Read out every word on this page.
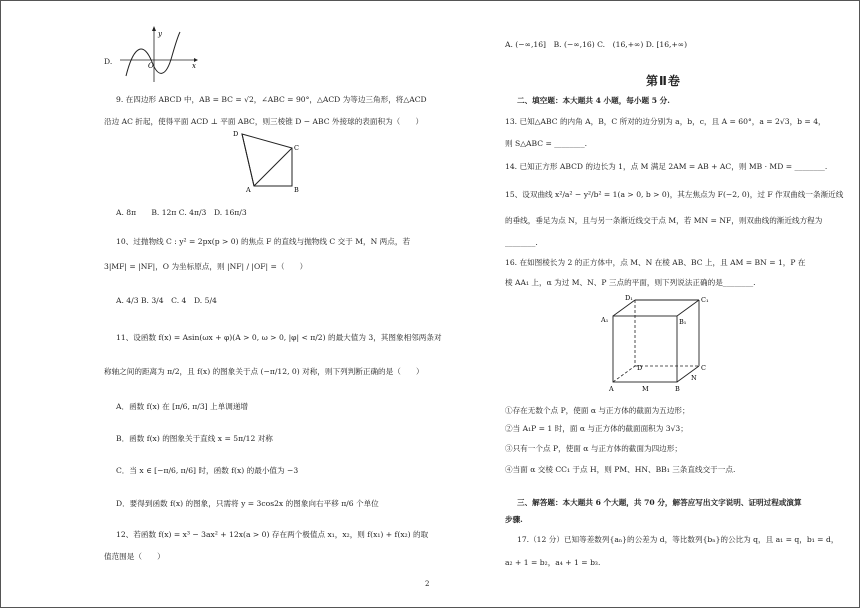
D.
y
x
O
9. 在四边形 ABCD 中，AB = BC = √2，∠ABC = 90°，△ACD 为等边三角形，将△ACD
沿边 AC 折起，使得平面 ACD ⊥ 平面 ABC，则三棱锥 D − ABC 外接球的表面积为（　　）
D
C
A	B
A. 8π　　B. 12π C. 4π/3　D. 16π/3
10、过抛物线 C : y² = 2px(p > 0) 的焦点 F 的直线与抛物线 C 交于 M，N 两点，若
3|MF| = |NF|，O 为坐标原点，则 |NF| / |OF| =（　　）
A. 4/3 B. 3/4　C. 4　D. 5/4
11、设函数 f(x) = Asin(ωx + φ)(A > 0, ω > 0, |φ| < π/2) 的最大值为 3，其图象相邻两条对
称轴之间的距离为 π/2，且 f(x) 的图象关于点 (−π/12, 0) 对称，则下列判断正确的是（　　）
A．函数 f(x) 在 [π/6, π/3] 上单调递增
B．函数 f(x) 的图象关于直线 x = 5π/12 对称
C．当 x ∈ [−π/6, π/6] 时，函数 f(x) 的最小值为 −3
D．要得到函数 f(x) 的图象，只需将 y = 3cos2x 的图象向右平移 π/6 个单位
12、若函数 f(x) = x³ − 3ax² + 12x(a > 0) 存在两个极值点 x₁，x₂，则 f(x₁) + f(x₂) 的取
值范围是（　　）
A. (−∞,16]　B. (−∞,16) C.　(16,+∞) D. [16,+∞)
第Ⅱ卷
二、填空题：本大题共 4 小题，每小题 5 分.
13. 已知△ABC 的内角 A，B，C 所对的边分别为 a，b，c，且 A = 60°，a = 2√3，b = 4，
则 S△ABC = ________.
14. 已知正方形 ABCD 的边长为 1，点 M 满足 2AM = AB + AC，则 MB · MD = ________.
15、设双曲线 x²/a² − y²/b² = 1(a > 0, b > 0)，其左焦点为 F(−2, 0)，过 F 作双曲线一条渐近线
的垂线，垂足为点 N，且与另一条渐近线交于点 M，若 MN = NF，则双曲线的渐近线方程为
________.
16. 在如图棱长为 2 的正方体中，点 M、N 在棱 AB、BC 上，且 AM = BN = 1，P 在
棱 AA₁ 上，α 为过 M、N、P 三点的平面，则下列说法正确的是________.
D₁	C₁
A₁	B₁
D	C
A	M	B
N
①存在无数个点 P，使面 α 与正方体的截面为五边形；
②当 A₁P = 1 时，面 α 与正方体的截面面积为 3√3；
③只有一个点 P，使面 α 与正方体的截面为四边形；
④当面 α 交棱 CC₁ 于点 H，则 PM、HN、BB₁ 三条直线交于一点.
三、解答题：本大题共 6 个大题，共 70 分，解答应写出文字说明、证明过程或演算
步骤.
17.（12 分）已知等差数列{aₙ}的公差为 d，等比数列{bₙ}的公比为 q，且 a₁ = q，b₁ = d，
a₂ + 1 = b₂，a₄ + 1 = b₃.
2
